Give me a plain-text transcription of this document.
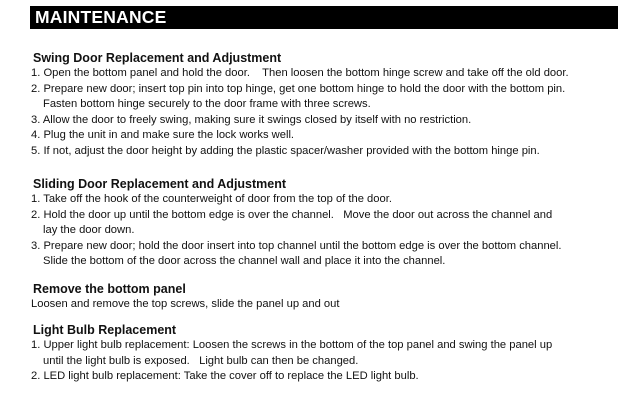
MAINTENANCE
Swing Door Replacement and Adjustment
1. Open the bottom panel and hold the door.    Then loosen the bottom hinge screw and take off the old door.
2. Prepare new door; insert top pin into top hinge, get one bottom hinge to hold the door with the bottom pin.
Fasten bottom hinge securely to the door frame with three screws.
3. Allow the door to freely swing, making sure it swings closed by itself with no restriction.
4. Plug the unit in and make sure the lock works well.
5. If not, adjust the door height by adding the plastic spacer/washer provided with the bottom hinge pin.
Sliding Door Replacement and Adjustment
1. Take off the hook of the counterweight of door from the top of the door.
2. Hold the door up until the bottom edge is over the channel.   Move the door out across the channel and
lay the door down.
3. Prepare new door; hold the door insert into top channel until the bottom edge is over the bottom channel.
Slide the bottom of the door across the channel wall and place it into the channel.
Remove the bottom panel
Loosen and remove the top screws, slide the panel up and out
Light Bulb Replacement
1. Upper light bulb replacement: Loosen the screws in the bottom of the top panel and swing the panel up
until the light bulb is exposed.   Light bulb can then be changed.
2. LED light bulb replacement: Take the cover off to replace the LED light bulb.
